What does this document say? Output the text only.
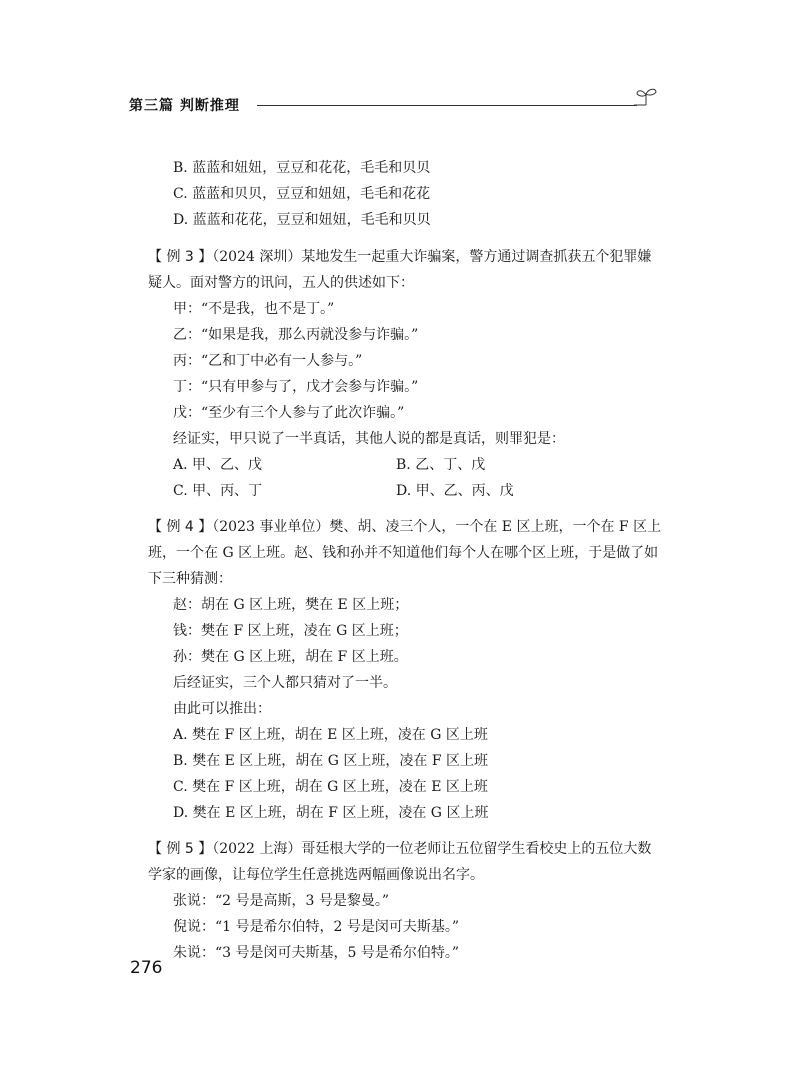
第三篇 判断推理
B. 蓝蓝和妞妞，豆豆和花花，毛毛和贝贝
C. 蓝蓝和贝贝，豆豆和妞妞，毛毛和花花
D. 蓝蓝和花花，豆豆和妞妞，毛毛和贝贝
【 例 3 】（2024 深圳）某地发生一起重大诈骗案，警方通过调查抓获五个犯罪嫌
疑人。面对警方的讯问，五人的供述如下：
甲：“不是我，也不是丁。”
乙：“如果是我，那么丙就没参与诈骗。”
丙：“乙和丁中必有一人参与。”
丁：“只有甲参与了，戊才会参与诈骗。”
戊：“至少有三个人参与了此次诈骗。”
经证实，甲只说了一半真话，其他人说的都是真话，则罪犯是：
A. 甲、乙、戊	B. 乙、丁、戊
C. 甲、丙、丁	D. 甲、乙、丙、戊
【 例 4 】（2023 事业单位）樊、胡、凌三个人，一个在 E 区上班，一个在 F 区上
班，一个在 G 区上班。赵、钱和孙并不知道他们每个人在哪个区上班，于是做了如
下三种猜测：
赵：胡在 G 区上班，樊在 E 区上班；
钱：樊在 F 区上班，凌在 G 区上班；
孙：樊在 G 区上班，胡在 F 区上班。
后经证实，三个人都只猜对了一半。
由此可以推出：
A. 樊在 F 区上班，胡在 E 区上班，凌在 G 区上班
B. 樊在 E 区上班，胡在 G 区上班，凌在 F 区上班
C. 樊在 F 区上班，胡在 G 区上班，凌在 E 区上班
D. 樊在 E 区上班，胡在 F 区上班，凌在 G 区上班
【 例 5 】（2022 上海）哥廷根大学的一位老师让五位留学生看校史上的五位大数
学家的画像，让每位学生任意挑选两幅画像说出名字。
张说：“2 号是高斯，3 号是黎曼。”
倪说：“1 号是希尔伯特，2 号是闵可夫斯基。”
朱说：“3 号是闵可夫斯基，5 号是希尔伯特。”
276
